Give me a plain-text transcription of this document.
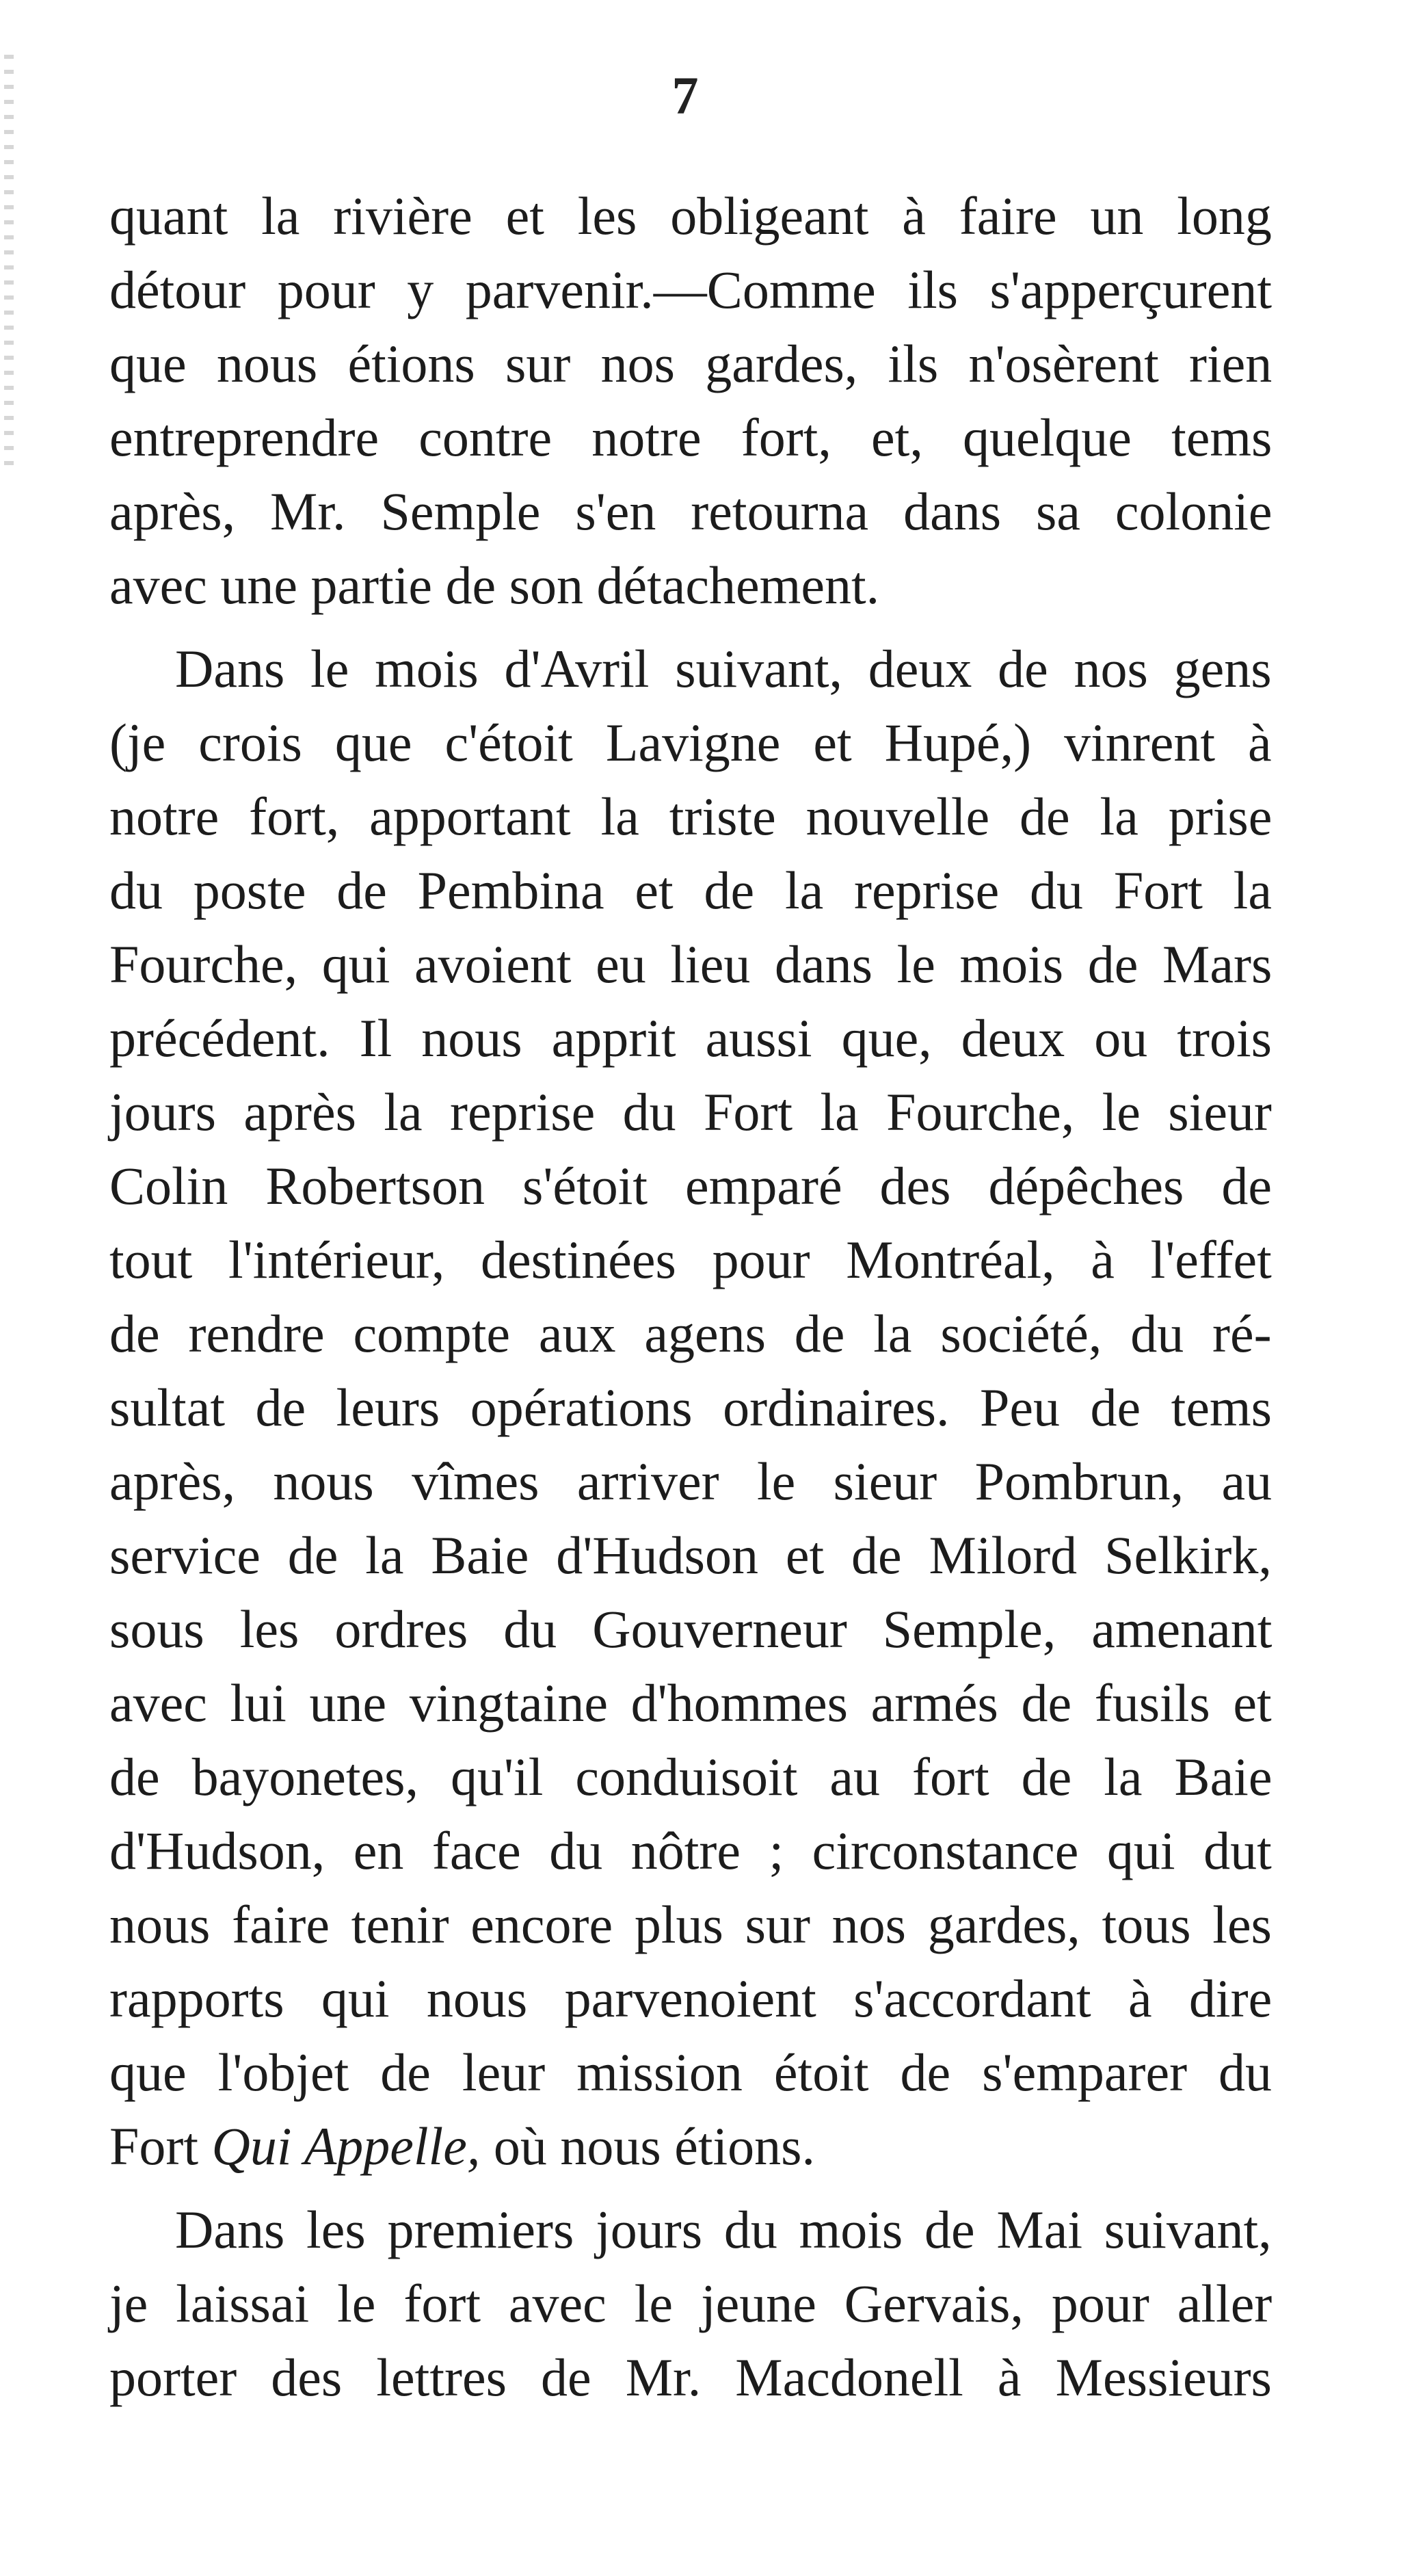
7
quant la rivière et les obligeant à faire un long
détour pour y parvenir.—Comme ils s'apperçurent
que nous étions sur nos gardes, ils n'osèrent rien
entreprendre contre notre fort, et, quelque tems
après, Mr. Semple s'en retourna dans sa colonie
avec une partie de son détachement.
Dans le mois d'Avril suivant, deux de nos gens
(je crois que c'étoit Lavigne et Hupé,) vinrent à
notre fort, apportant la triste nouvelle de la prise
du poste de Pembina et de la reprise du Fort la
Fourche, qui avoient eu lieu dans le mois de Mars
précédent. Il nous apprit aussi que, deux ou trois
jours après la reprise du Fort la Fourche, le sieur
Colin Robertson s'étoit emparé des dépêches de
tout l'intérieur, destinées pour Montréal, à l'effet
de rendre compte aux agens de la société, du ré-
sultat de leurs opérations ordinaires. Peu de tems
après, nous vîmes arriver le sieur Pombrun, au
service de la Baie d'Hudson et de Milord Selkirk,
sous les ordres du Gouverneur Semple, amenant
avec lui une vingtaine d'hommes armés de fusils et
de bayonetes, qu'il conduisoit au fort de la Baie
d'Hudson, en face du nôtre ; circonstance qui dut
nous faire tenir encore plus sur nos gardes, tous les
rapports qui nous parvenoient s'accordant à dire
que l'objet de leur mission étoit de s'emparer du
Fort Qui Appelle, où nous étions.
Dans les premiers jours du mois de Mai suivant,
je laissai le fort avec le jeune Gervais, pour aller
porter des lettres de Mr. Macdonell à Messieurs
